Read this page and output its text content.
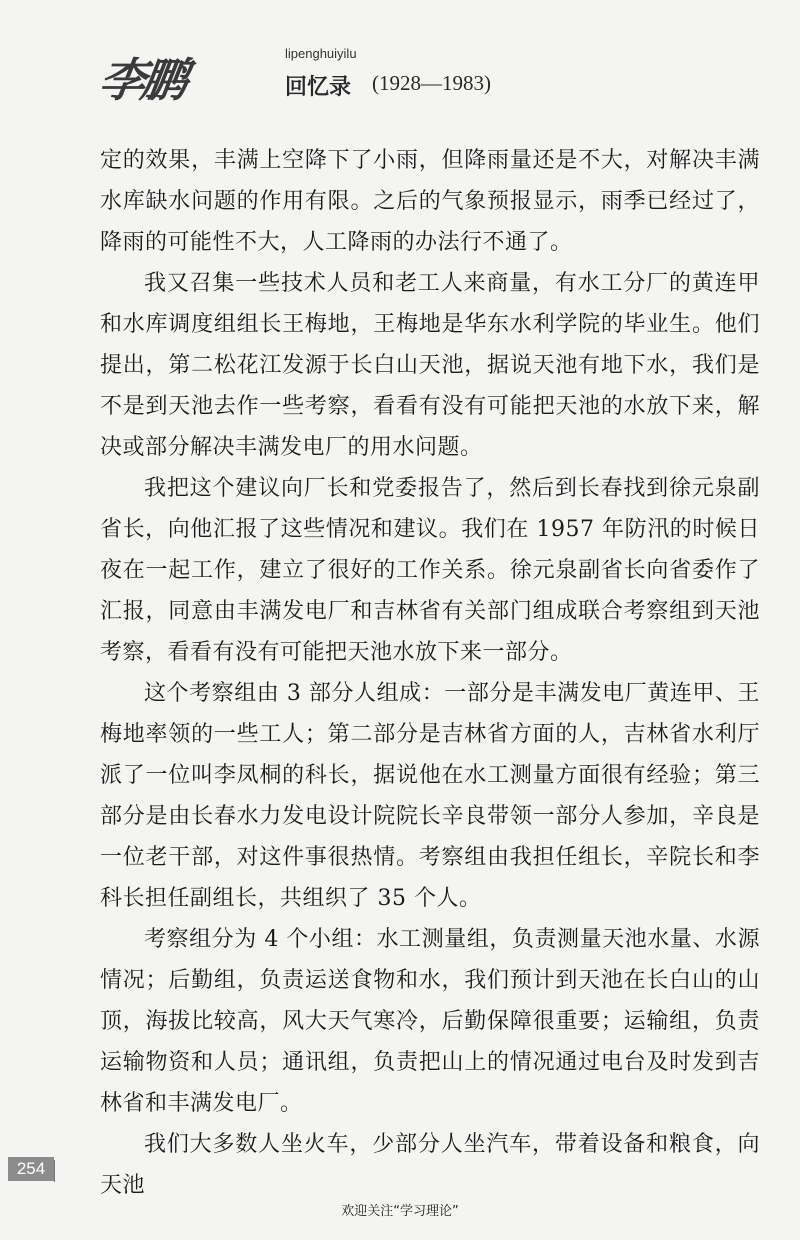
李鹏	lipenghuiyilu
回忆录 (1928—1983)

定的效果，丰满上空降下了小雨，但降雨量还是不大，对解决丰满水库缺水问题的作用有限。之后的气象预报显示，雨季已经过了，降雨的可能性不大，人工降雨的办法行不通了。

我又召集一些技术人员和老工人来商量，有水工分厂的黄连甲和水库调度组组长王梅地，王梅地是华东水利学院的毕业生。他们提出，第二松花江发源于长白山天池，据说天池有地下水，我们是不是到天池去作一些考察，看看有没有可能把天池的水放下来，解决或部分解决丰满发电厂的用水问题。

我把这个建议向厂长和党委报告了，然后到长春找到徐元泉副省长，向他汇报了这些情况和建议。我们在 1957 年防汛的时候日夜在一起工作，建立了很好的工作关系。徐元泉副省长向省委作了汇报，同意由丰满发电厂和吉林省有关部门组成联合考察组到天池考察，看看有没有可能把天池水放下来一部分。

这个考察组由 3 部分人组成：一部分是丰满发电厂黄连甲、王梅地率领的一些工人；第二部分是吉林省方面的人，吉林省水利厅派了一位叫李凤桐的科长，据说他在水工测量方面很有经验；第三部分是由长春水力发电设计院院长辛良带领一部分人参加，辛良是一位老干部，对这件事很热情。考察组由我担任组长，辛院长和李科长担任副组长，共组织了 35 个人。

考察组分为 4 个小组：水工测量组，负责测量天池水量、水源情况；后勤组，负责运送食物和水，我们预计到天池在长白山的山顶，海拔比较高，风大天气寒冷，后勤保障很重要；运输组，负责运输物资和人员；通讯组，负责把山上的情况通过电台及时发到吉林省和丰满发电厂。

我们大多数人坐火车，少部分人坐汽车，带着设备和粮食，向天池

254
欢迎关注“学习理论”
